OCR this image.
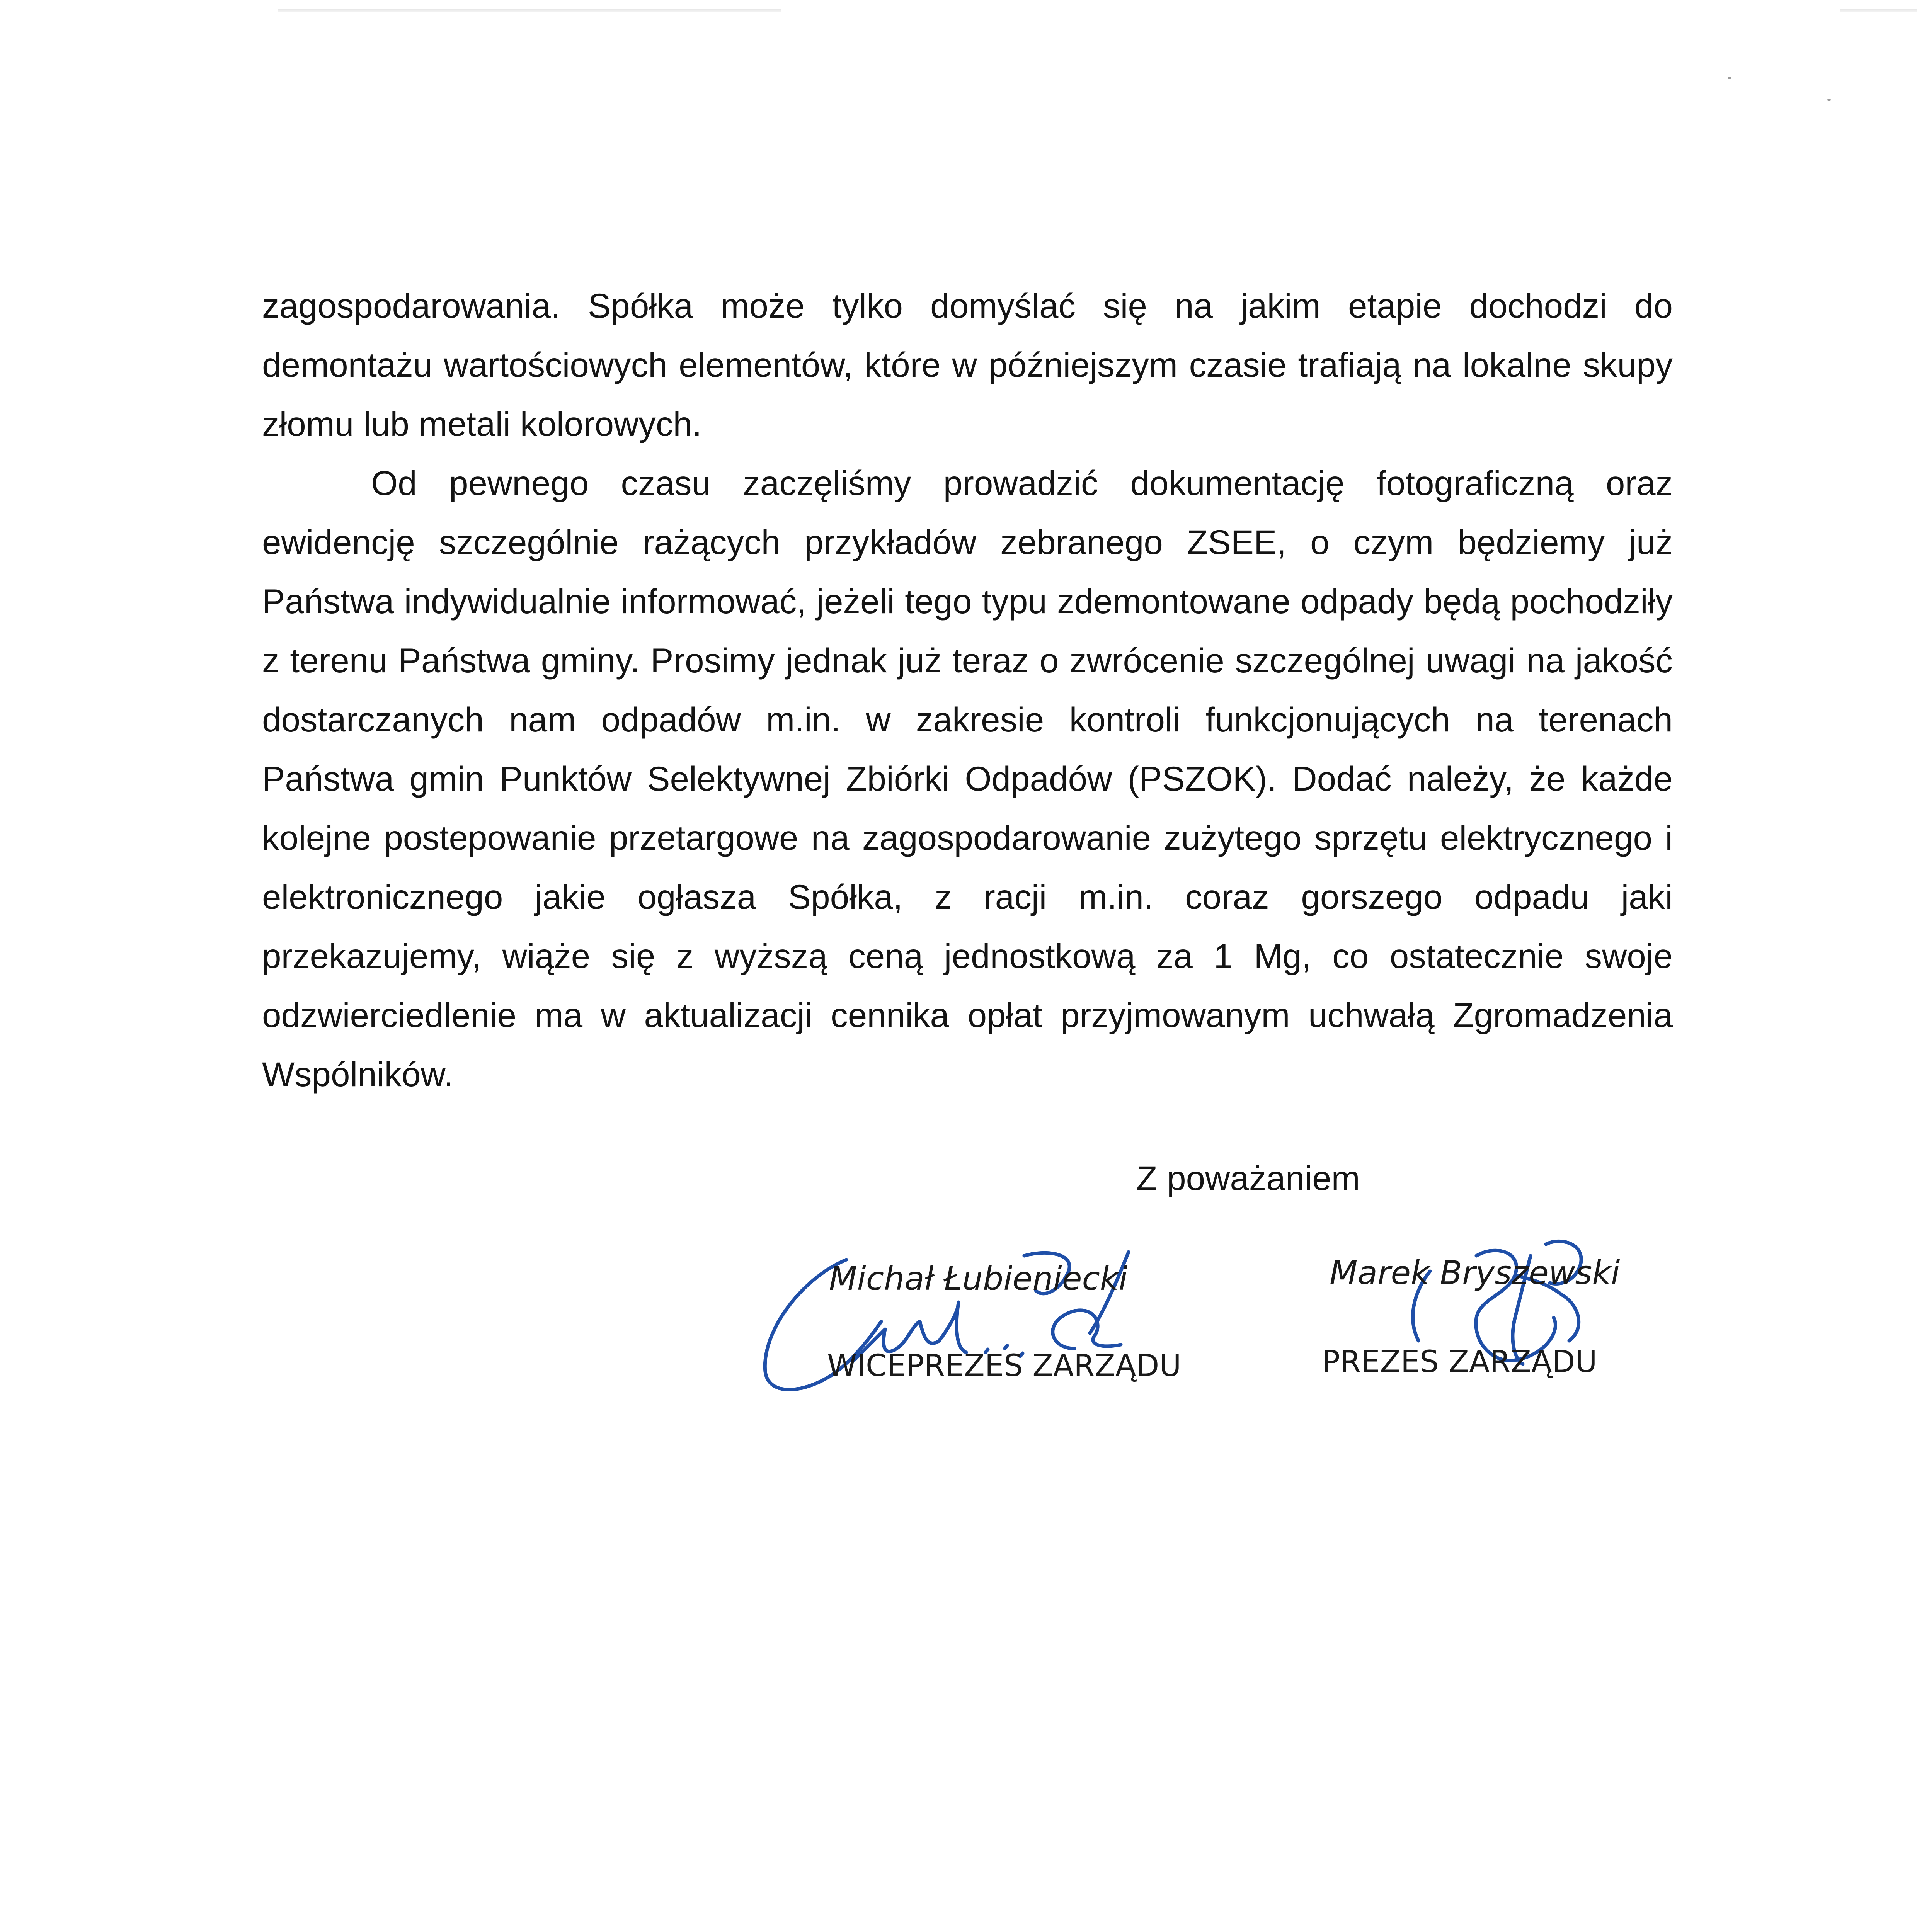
zagospodarowania. Spółka może tylko domyślać się na jakim etapie dochodzi do demontażu wartościowych elementów, które w późniejszym czasie trafiają na lokalne skupy złomu lub metali kolorowych.

Od pewnego czasu zaczęliśmy prowadzić dokumentację fotograficzną oraz ewidencję szczególnie rażących przykładów zebranego ZSEE, o czym będziemy już Państwa indywidualnie informować, jeżeli tego typu zdemontowane odpady będą pochodziły z terenu Państwa gminy. Prosimy jednak już teraz o zwrócenie szczególnej uwagi na jakość dostarczanych nam odpadów m.in. w zakresie kontroli funkcjonujących na terenach Państwa gmin Punktów Selektywnej Zbiórki Odpadów (PSZOK). Dodać należy, że każde kolejne postepowanie przetargowe na zagospodarowanie zużytego sprzętu elektrycznego i elektronicznego jakie ogłasza Spółka, z racji m.in. coraz gorszego odpadu jaki przekazujemy, wiąże się z wyższą ceną jednostkową za 1 Mg, co ostatecznie swoje odzwierciedlenie ma w aktualizacji cennika opłat przyjmowanym uchwałą Zgromadzenia Wspólników.

Z poważaniem
Michał Łubieniecki
WICEPREZES ZARZĄDU
Marek Bryszewski
PREZES ZARZĄDU
